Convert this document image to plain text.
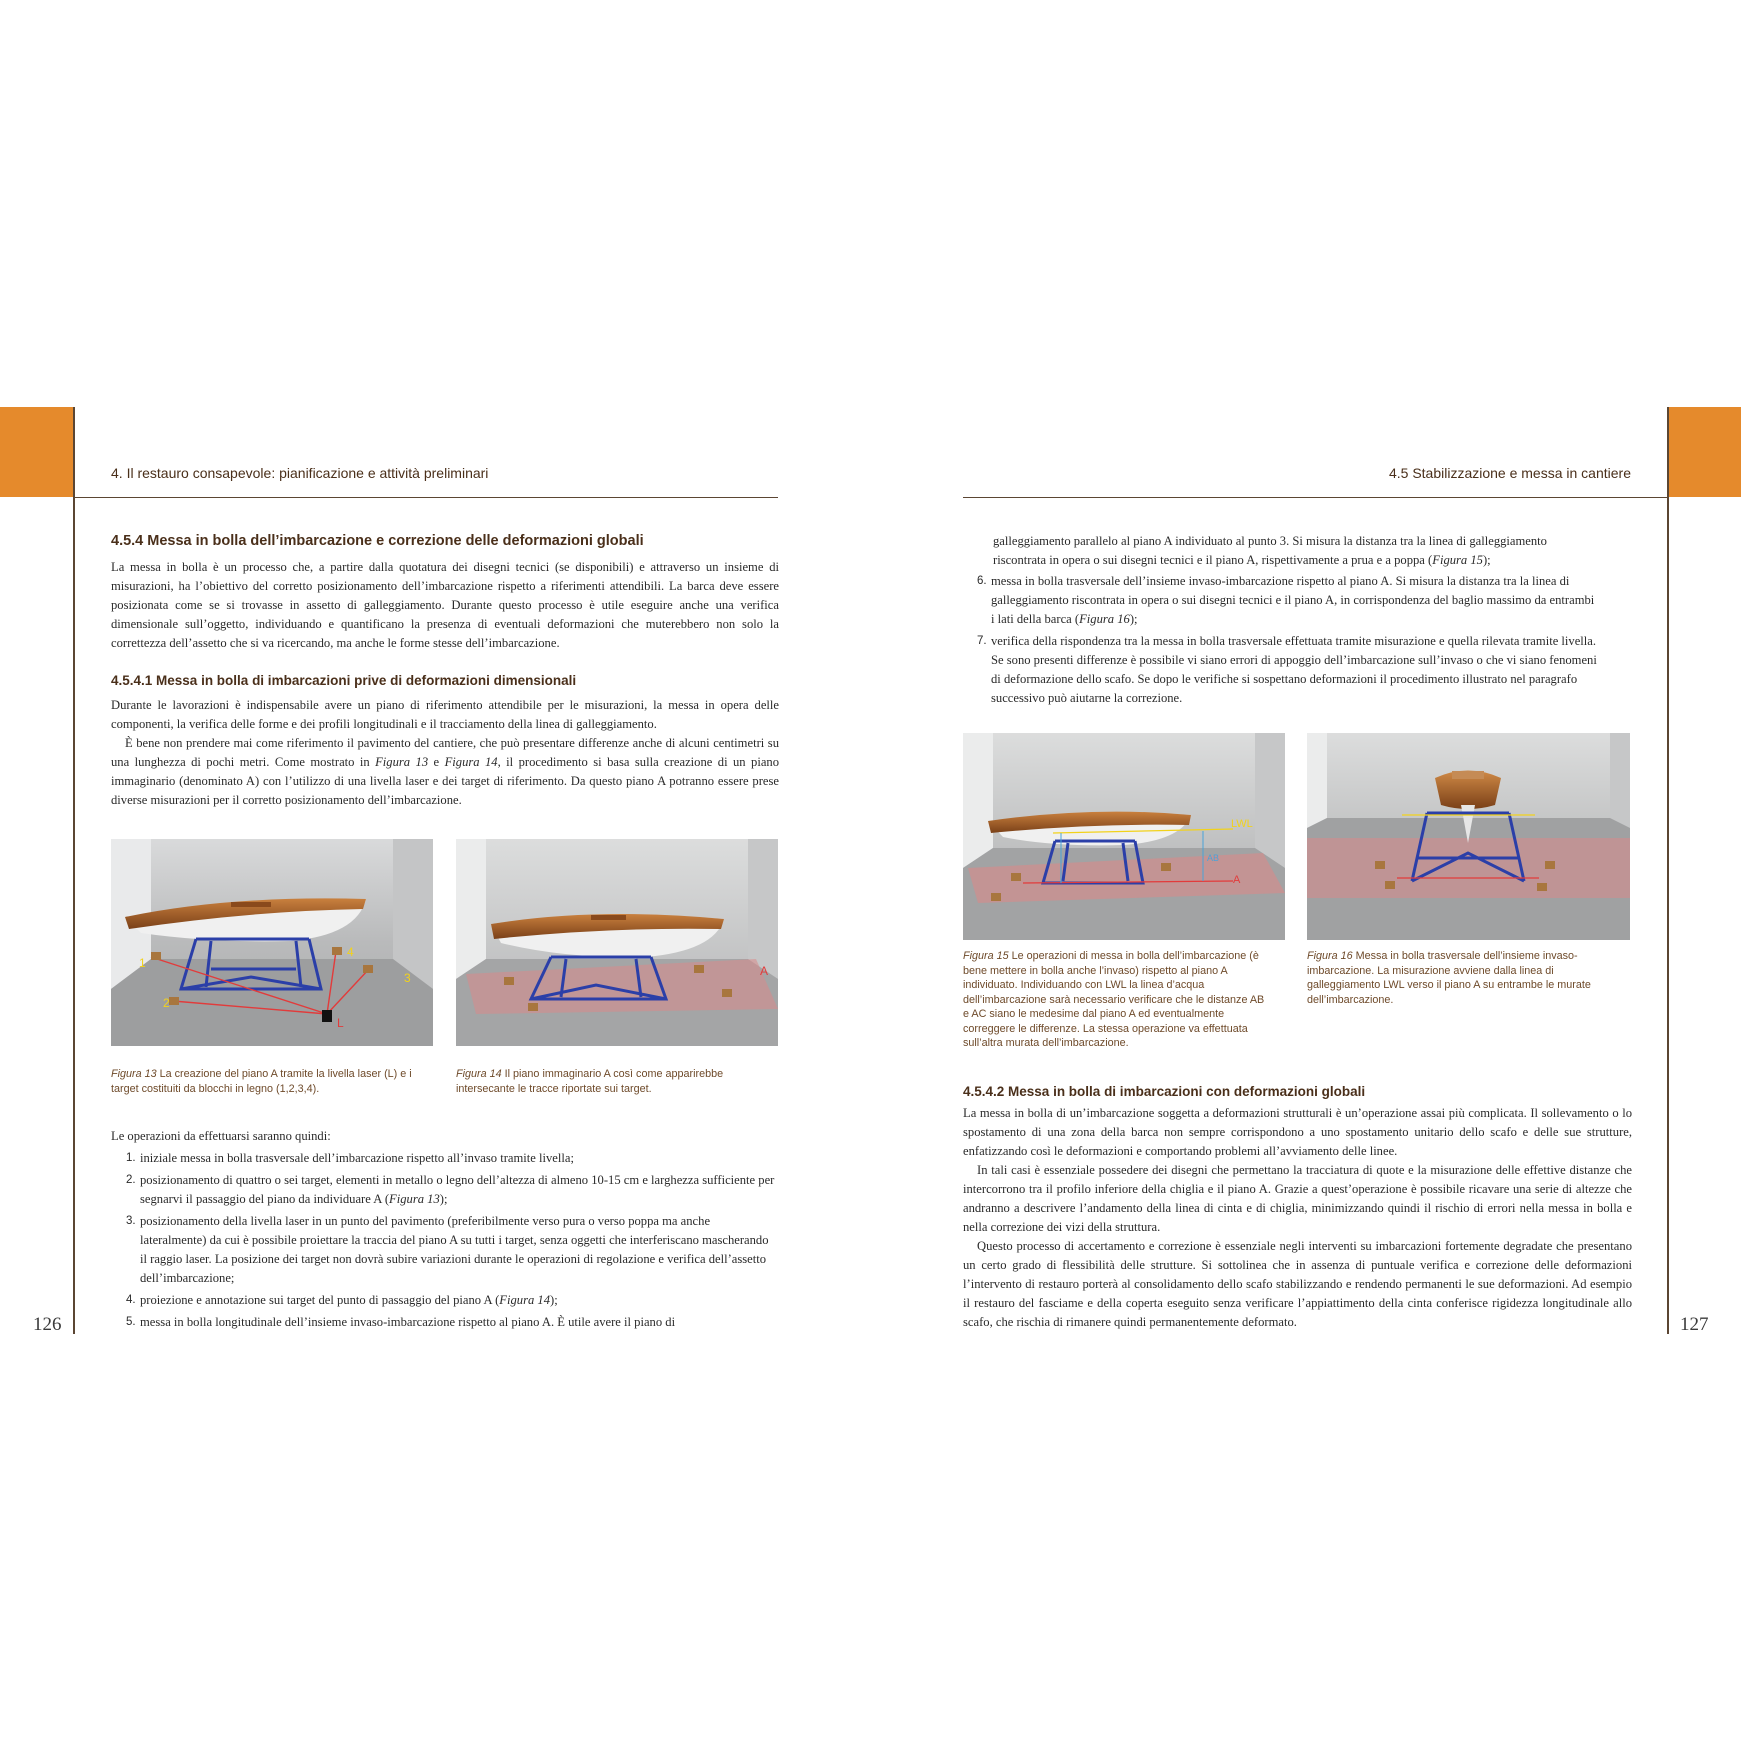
4. Il restauro consapevole: pianificazione e attività preliminari	4.5 Stabilizzazione e messa in cantiere
126	127
4.5.4 Messa in bolla dell’imbarcazione e correzione delle deformazioni globali

La messa in bolla è un processo che, a partire dalla quotatura dei disegni tecnici (se disponibili) e attraverso un insieme di misurazioni, ha l’obiettivo del corretto posizionamento dell’imbarcazione rispetto a riferimenti attendibili. La barca deve essere posizionata come se si trovasse in assetto di galleggiamento. Durante questo processo è utile eseguire anche una verifica dimensionale sull’oggetto, individuando e quantificano la presenza di eventuali deformazioni che muterebbero non solo la correttezza dell’assetto che si va ricercando, ma anche le forme stesse dell’imbarcazione.

4.5.4.1 Messa in bolla di imbarcazioni prive di deformazioni dimensionali

Durante le lavorazioni è indispensabile avere un piano di riferimento attendibile per le misurazioni, la messa in opera delle componenti, la verifica delle forme e dei profili longitudinali e il tracciamento della linea di galleggiamento.

È bene non prendere mai come riferimento il pavimento del cantiere, che può presentare differenze anche di alcuni centimetri su una lunghezza di pochi metri. Come mostrato in Figura 13 e Figura 14, il procedimento si basa sulla creazione di un piano immaginario (denominato A) con l’utilizzo di una livella laser e dei target di riferimento. Da questo piano A potranno essere prese diverse misurazioni per il corretto posizionamento dell’imbarcazione.

1
2
3
4
L
A

Figura 13 La creazione del piano A tramite la livella laser (L) e i target costituiti da blocchi in legno (1,2,3,4).

Figura 14 Il piano immaginario A così come apparirebbe intersecante le tracce riportate sui target.

Le operazioni da effettuarsi saranno quindi:

1. iniziale messa in bolla trasversale dell’imbarcazione rispetto all’invaso tramite livella;
2. posizionamento di quattro o sei target, elementi in metallo o legno dell’altezza di almeno 10-15 cm e larghezza sufficiente per segnarvi il passaggio del piano da individuare A (Figura 13);
3. posizionamento della livella laser in un punto del pavimento (preferibilmente verso pura o verso poppa ma anche lateralmente) da cui è possibile proiettare la traccia del piano A su tutti i target, senza oggetti che interferiscano mascherando il raggio laser. La posizione dei target non dovrà subire variazioni durante le operazioni di regolazione e verifica dell’assetto dell’imbarcazione;
4. proiezione e annotazione sui target del punto di passaggio del piano A (Figura 14);
5. messa in bolla longitudinale dell’insieme invaso-imbarcazione rispetto al piano A. È utile avere il piano di

galleggiamento parallelo al piano A individuato al punto 3. Si misura la distanza tra la linea di galleggiamento riscontrata in opera o sui disegni tecnici e il piano A, rispettivamente a prua e a poppa (Figura 15);

6. messa in bolla trasversale dell’insieme invaso-imbarcazione rispetto al piano A. Si misura la distanza tra la linea di galleggiamento riscontrata in opera o sui disegni tecnici e il piano A, in corrispondenza del baglio massimo da entrambi i lati della barca (Figura 16);
7. verifica della rispondenza tra la messa in bolla trasversale effettuata tramite misurazione e quella rilevata tramite livella. Se sono presenti differenze è possibile vi siano errori di appoggio dell’imbarcazione sull’invaso o che vi siano fenomeni di deformazione dello scafo. Se dopo le verifiche si sospettano deformazioni il procedimento illustrato nel paragrafo successivo può aiutarne la correzione.
LWL
AB
A

Figura 15 Le operazioni di messa in bolla dell’imbarcazione (è bene mettere in bolla anche l’invaso) rispetto al piano A individuato. Individuando con LWL la linea d’acqua dell’imbarcazione sarà necessario verificare che le distanze AB e AC siano le medesime dal piano A ed eventualmente correggere le differenze. La stessa operazione va effettuata sull’altra murata dell’imbarcazione.

Figura 16 Messa in bolla trasversale dell’insieme invaso-imbarcazione. La misurazione avviene dalla linea di galleggiamento LWL verso il piano A su entrambe le murate dell’imbarcazione.

4.5.4.2 Messa in bolla di imbarcazioni con deformazioni globali

La messa in bolla di un’imbarcazione soggetta a deformazioni strutturali è un’operazione assai più complicata. Il sollevamento o lo spostamento di una zona della barca non sempre corrispondono a uno spostamento unitario dello scafo e delle sue strutture, enfatizzando così le deformazioni e comportando problemi all’avviamento delle linee.

In tali casi è essenziale possedere dei disegni che permettano la tracciatura di quote e la misurazione delle effettive distanze che intercorrono tra il profilo inferiore della chiglia e il piano A. Grazie a quest’operazione è possibile ricavare una serie di altezze che andranno a descrivere l’andamento della linea di cinta e di chiglia, minimizzando quindi il rischio di errori nella messa in bolla e nella correzione dei vizi della struttura.

Questo processo di accertamento e correzione è essenziale negli interventi su imbarcazioni fortemente degradate che presentano un certo grado di flessibilità delle strutture. Si sottolinea che in assenza di puntuale verifica e correzione delle deformazioni l’intervento di restauro porterà al consolidamento dello scafo stabilizzando e rendendo permanenti le sue deformazioni. Ad esempio il restauro del fasciame e della coperta eseguito senza verificare l’appiattimento della cinta conferisce rigidezza longitudinale allo scafo, che rischia di rimanere quindi permanentemente deformato.
